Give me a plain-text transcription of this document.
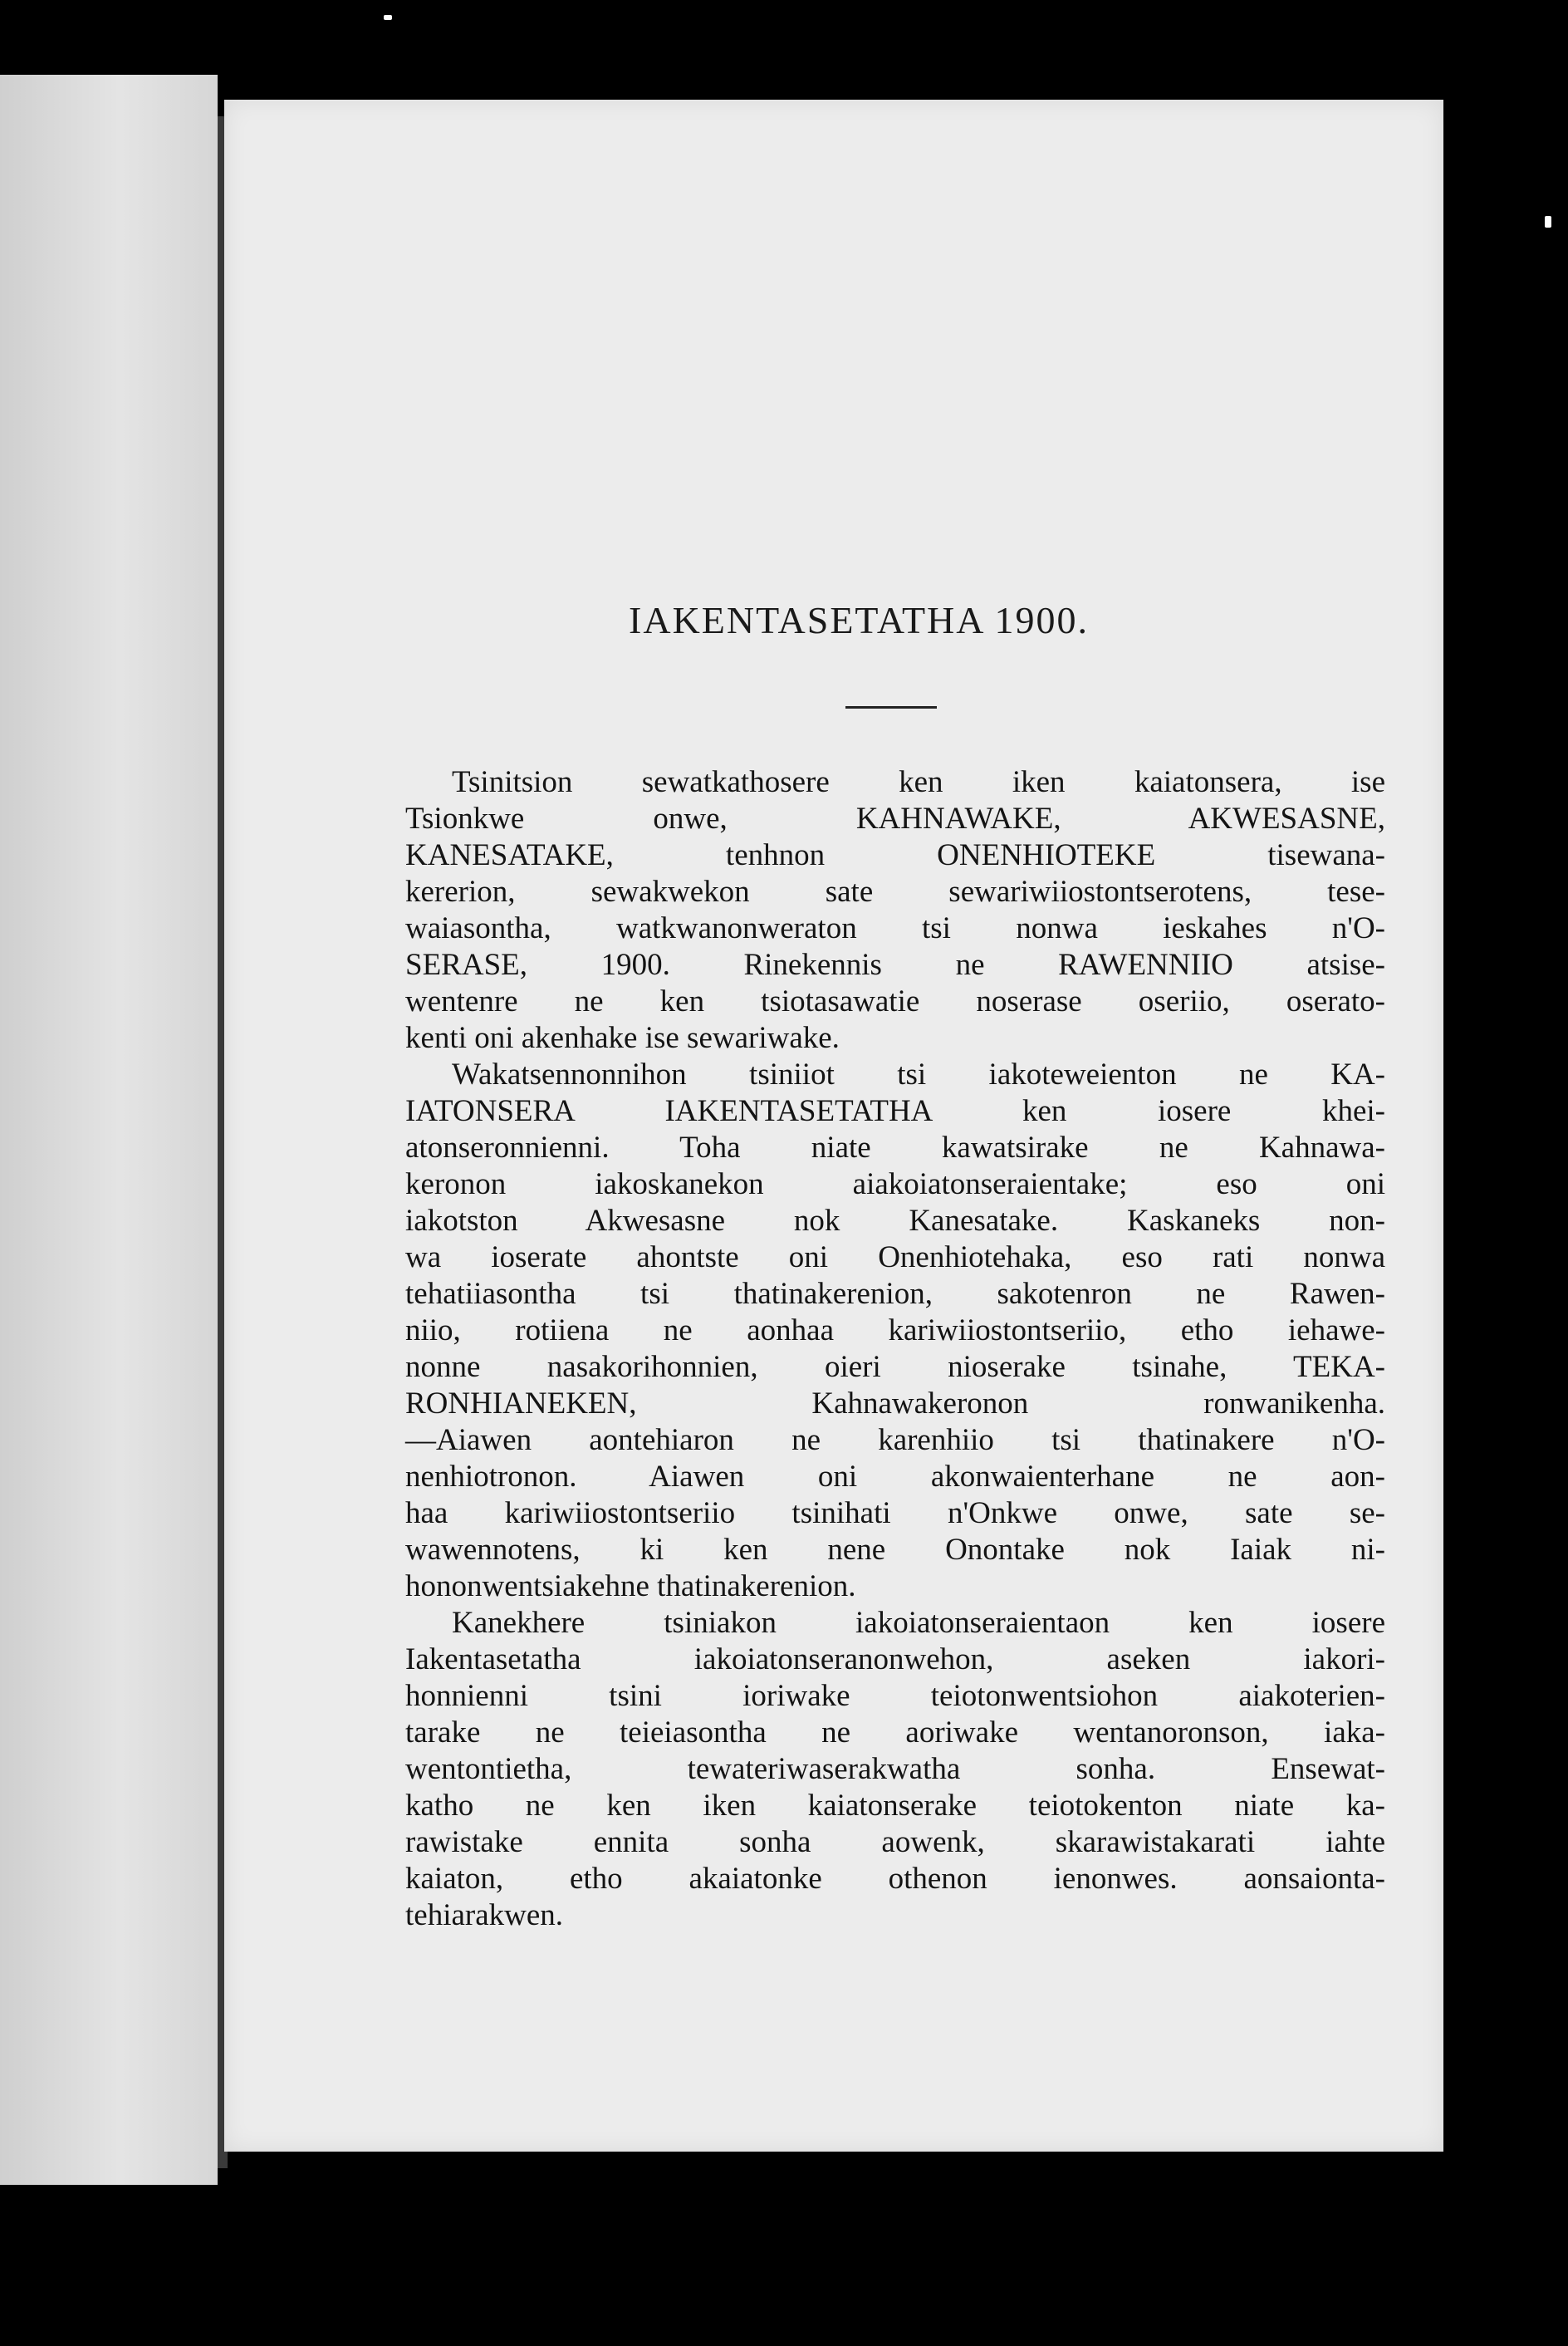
IAKENTASETATHA 1900.

Tsinitsion sewatkathosere ken iken kaiatonsera, ise
Tsionkwe onwe, KAHNAWAKE, AKWESASNE,
KANESATAKE, tenhnon ONENHIOTEKE tisewana-
kererion, sewakwekon sate sewariwiiostontserotens, tese-
waiasontha, watkwanonweraton tsi nonwa ieskahes n'O-
SERASE, 1900. Rinekennis ne RAWENNIIO atsise-
wentenre ne ken tsiotasawatie noserase oseriio, oserato-
kenti oni akenhake ise sewariwake.

Wakatsennonnihon tsiniiot tsi iakoteweienton ne KA-
IATONSERA IAKENTASETATHA ken iosere khei-
atonseronnienni. Toha niate kawatsirake ne Kahnawa-
keronon iakoskanekon aiakoiatonseraientake; eso oni
iakotston Akwesasne nok Kanesatake. Kaskaneks non-
wa ioserate ahontste oni Onenhiotehaka, eso rati nonwa
tehatiiasontha tsi thatinakerenion, sakotenron ne Rawen-
niio, rotiiena ne aonhaa kariwiiostontseriio, etho iehawe-
nonne nasakorihonnien, oieri nioserake tsinahe, TEKA-
RONHIANEKEN, Kahnawakeronon ronwanikenha.
—Aiawen aontehiaron ne karenhiio tsi thatinakere n'O-
nenhiotronon. Aiawen oni akonwaienterhane ne aon-
haa kariwiiostontseriio tsinihati n'Onkwe onwe, sate se-
wawennotens, ki ken nene Onontake nok Iaiak ni-
hononwentsiakehne thatinakerenion.

Kanekhere tsiniakon iakoiatonseraientaon ken iosere
Iakentasetatha iakoiatonseranonwehon, aseken iakori-
honnienni tsini ioriwake teiotonwentsiohon aiakoterien-
tarake ne teieiasontha ne aoriwake wentanoronson, iaka-
wentontietha, tewateriwaserakwatha sonha. Ensewat-
katho ne ken iken kaiatonserake teiotokenton niate ka-
rawistake ennita sonha aowenk, skarawistakarati iahte
kaiaton, etho akaiatonke othenon ienonwes. aonsaionta-
tehiarakwen.
